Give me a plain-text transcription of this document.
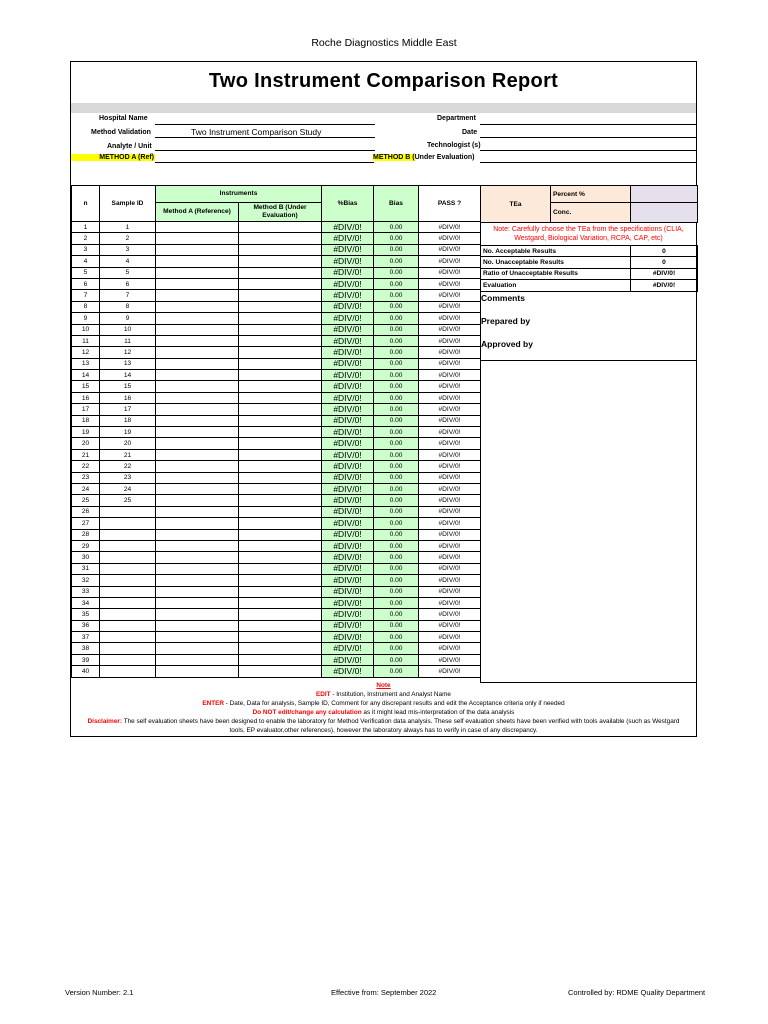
Roche Diagnostics Middle East
Two Instrument Comparison Report
Hospital Name	Department
Method Validation	Two Instrument Comparison Study	Date
Analyte / Unit	Technologist (s)
METHOD A (Ref)	METHOD B (Under Evaluation)
n	Sample ID	Instruments		%Bias	Bias	PASS ?
		Method A (Reference)	Method B (Under Evaluation)			
1	1			#DIV/0!	0.00	#DIV/0!
2	2			#DIV/0!	0.00	#DIV/0!
3	3			#DIV/0!	0.00	#DIV/0!
4	4			#DIV/0!	0.00	#DIV/0!
5	5			#DIV/0!	0.00	#DIV/0!
6	6			#DIV/0!	0.00	#DIV/0!
7	7			#DIV/0!	0.00	#DIV/0!
8	8			#DIV/0!	0.00	#DIV/0!
9	9			#DIV/0!	0.00	#DIV/0!
10	10			#DIV/0!	0.00	#DIV/0!
11	11			#DIV/0!	0.00	#DIV/0!
12	12			#DIV/0!	0.00	#DIV/0!
13	13			#DIV/0!	0.00	#DIV/0!
14	14			#DIV/0!	0.00	#DIV/0!
15	15			#DIV/0!	0.00	#DIV/0!
16	16			#DIV/0!	0.00	#DIV/0!
17	17			#DIV/0!	0.00	#DIV/0!
18	18			#DIV/0!	0.00	#DIV/0!
19	19			#DIV/0!	0.00	#DIV/0!
20	20			#DIV/0!	0.00	#DIV/0!
21	21			#DIV/0!	0.00	#DIV/0!
22	22			#DIV/0!	0.00	#DIV/0!
23	23			#DIV/0!	0.00	#DIV/0!
24	24			#DIV/0!	0.00	#DIV/0!
25	25			#DIV/0!	0.00	#DIV/0!
26				#DIV/0!	0.00	#DIV/0!
27				#DIV/0!	0.00	#DIV/0!
28				#DIV/0!	0.00	#DIV/0!
29				#DIV/0!	0.00	#DIV/0!
30				#DIV/0!	0.00	#DIV/0!
31				#DIV/0!	0.00	#DIV/0!
32				#DIV/0!	0.00	#DIV/0!
33				#DIV/0!	0.00	#DIV/0!
34				#DIV/0!	0.00	#DIV/0!
35				#DIV/0!	0.00	#DIV/0!
36				#DIV/0!	0.00	#DIV/0!
37				#DIV/0!	0.00	#DIV/0!
38				#DIV/0!	0.00	#DIV/0!
39				#DIV/0!	0.00	#DIV/0!
40				#DIV/0!	0.00	#DIV/0!
TEa	Percent %	
	Conc.	
Note: Carefully choose the TEa from the specifications (CLIA, Westgard, Biological Variation, RCPA, CAP, etc)
No. Acceptable Results	0
No. Unacceptable Results	0
Ratio of Unacceptable Results	#DIV/0!
Evaluation	#DIV/0!
Comments
Prepared by
Approved by
Note
EDIT - Institution, Instrument and Analyst Name
ENTER - Date, Data for analysis, Sample ID, Comment for any discrepant results and edit the Acceptance criteria only if needed
Do NOT edit/change any calculation as it might lead mis-interpretation of the data analysis
Disclaimer: The self evaluation sheets have been designed to enable the laboratory for Method Verification data analysis. These self evaluation sheets have been verified with tools available (such as Westgard tools, EP evaluator,other references), however the laboratory always has to verify in case of any discrepancy.
Version Number: 2.1	Effective from: September 2022	Controlled by: RDME Quality Department
